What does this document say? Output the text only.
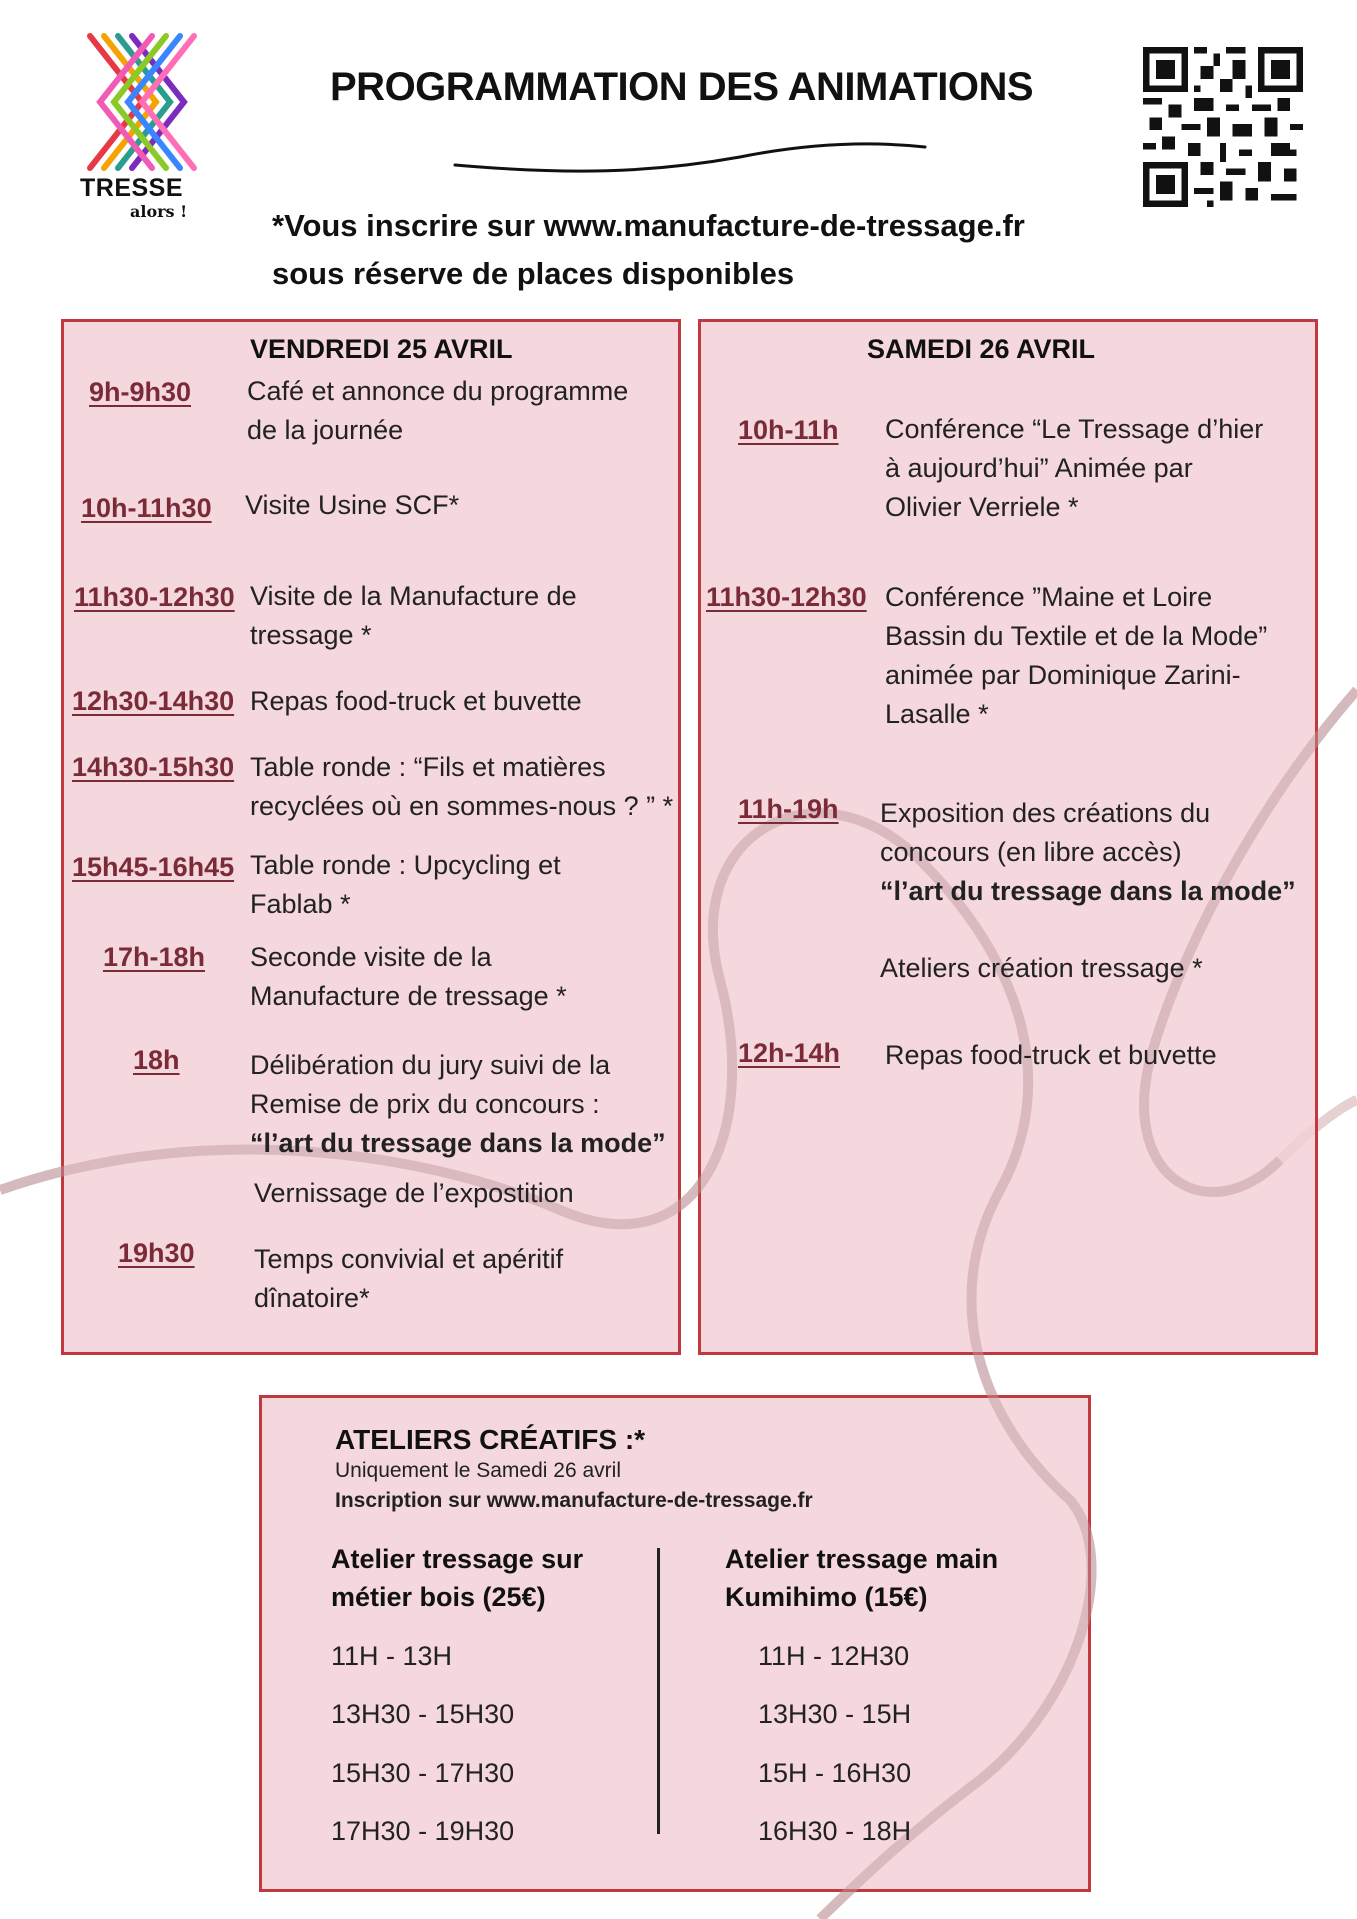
TRESSE
alors !
PROGRAMMATION DES ANIMATIONS
*Vous inscrire sur www.manufacture-de-tressage.fr
sous réserve de places disponibles
VENDREDI 25 AVRIL
9h-9h30 Café et annonce du programme
de la journée
10h-11h30 Visite Usine SCF*
11h30-12h30 Visite de la Manufacture de
tressage *
12h30-14h30 Repas food-truck et buvette
14h30-15h30 Table ronde : “Fils et matières
recyclées où en sommes-nous ? ” *
15h45-16h45 Table ronde : Upcycling et
Fablab *
17h-18h Seconde visite de la
Manufacture de tressage *
18h	Délibération du jury suivi de la
Remise de prix du concours :
“l’art du tressage dans la mode”
Vernissage de l’expostition
19h30 Temps convivial et apéritif
dînatoire*
SAMEDI 26 AVRIL
10h-11h Conférence “Le Tressage d’hier
à aujourd’hui” Animée par
Olivier Verriele *
11h30-12h30 Conférence ”Maine et Loire
Bassin du Textile et de la Mode”
animée par Dominique Zarini-
Lasalle *
11h-19h Exposition des créations du
concours (en libre accès)
“l’art du tressage dans la mode”
Ateliers création tressage *
12h-14h Repas food-truck et buvette
ATELIERS CRÉATIFS :*
Uniquement le Samedi 26 avril
Inscription sur www.manufacture-de-tressage.fr
Atelier tressage sur
métier bois (25€)
11H - 13H
13H30 - 15H30
15H30 - 17H30
17H30 - 19H30
Atelier tressage main
Kumihimo (15€)
11H - 12H30
13H30 - 15H
15H - 16H30
16H30 - 18H
